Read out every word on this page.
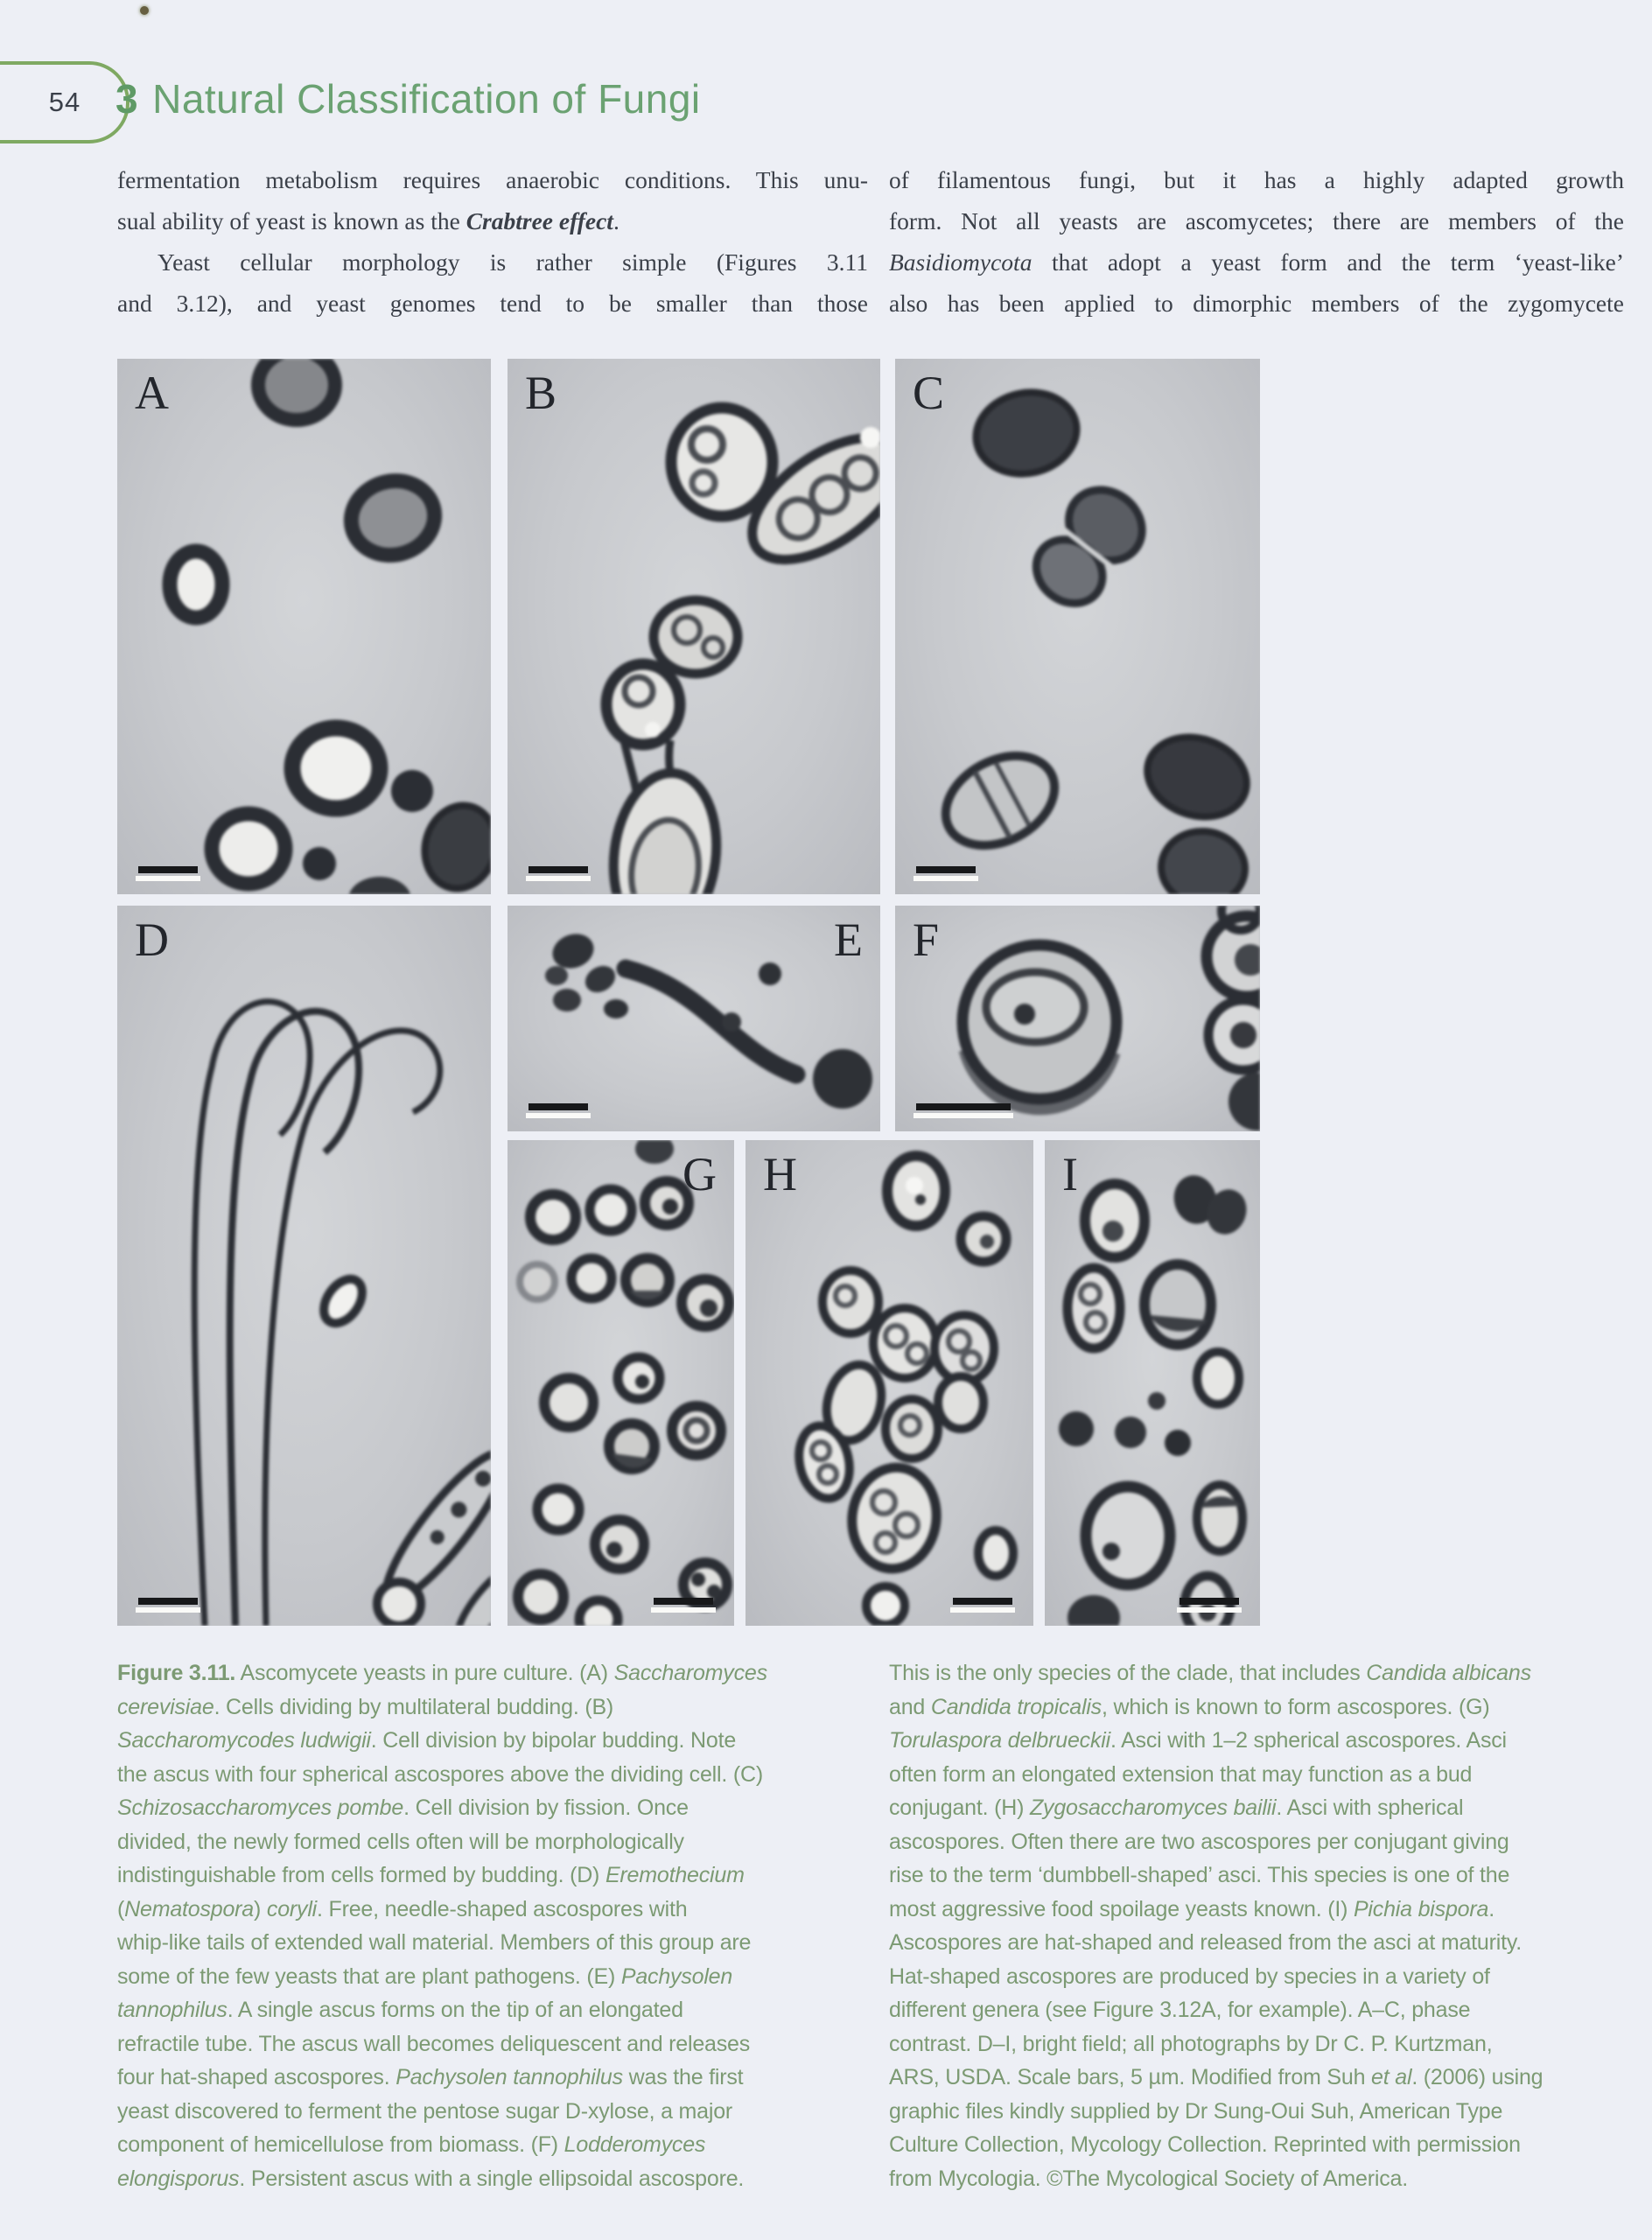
54 3 Natural Classification of Fungi
fermentation metabolism requires anaerobic conditions. This unu-
sual ability of yeast is known as the Crabtree effect.
Yeast cellular morphology is rather simple (Figures 3.11
and 3.12), and yeast genomes tend to be smaller than those
of filamentous fungi, but it has a highly adapted growth
form. Not all yeasts are ascomycetes; there are members of the
Basidiomycota that adopt a yeast form and the term ‘yeast-like’
also has been applied to dimorphic members of the zygomycete
A	B	C
D	E F
G H	I
Figure 3.11. Ascomycete yeasts in pure culture. (A) Saccharomyces
cerevisiae. Cells dividing by multilateral budding. (B)
Saccharomycodes ludwigii. Cell division by bipolar budding. Note
the ascus with four spherical ascospores above the dividing cell. (C)
Schizosaccharomyces pombe. Cell division by fission. Once
divided, the newly formed cells often will be morphologically
indistinguishable from cells formed by budding. (D) Eremothecium
(Nematospora) coryli. Free, needle-shaped ascospores with
whip-like tails of extended wall material. Members of this group are
some of the few yeasts that are plant pathogens. (E) Pachysolen
tannophilus. A single ascus forms on the tip of an elongated
refractile tube. The ascus wall becomes deliquescent and releases
four hat-shaped ascospores. Pachysolen tannophilus was the first
yeast discovered to ferment the pentose sugar D-xylose, a major
component of hemicellulose from biomass. (F) Lodderomyces
elongisporus. Persistent ascus with a single ellipsoidal ascospore.
This is the only species of the clade, that includes Candida albicans
and Candida tropicalis, which is known to form ascospores. (G)
Torulaspora delbrueckii. Asci with 1–2 spherical ascospores. Asci
often form an elongated extension that may function as a bud
conjugant. (H) Zygosaccharomyces bailii. Asci with spherical
ascospores. Often there are two ascospores per conjugant giving
rise to the term ‘dumbbell-shaped’ asci. This species is one of the
most aggressive food spoilage yeasts known. (I) Pichia bispora.
Ascospores are hat-shaped and released from the asci at maturity.
Hat-shaped ascospores are produced by species in a variety of
different genera (see Figure 3.12A, for example). A–C, phase
contrast. D–I, bright field; all photographs by Dr C. P. Kurtzman,
ARS, USDA. Scale bars, 5 µm. Modified from Suh et al. (2006) using
graphic files kindly supplied by Dr Sung-Oui Suh, American Type
Culture Collection, Mycology Collection. Reprinted with permission
from Mycologia. ©The Mycological Society of America.
